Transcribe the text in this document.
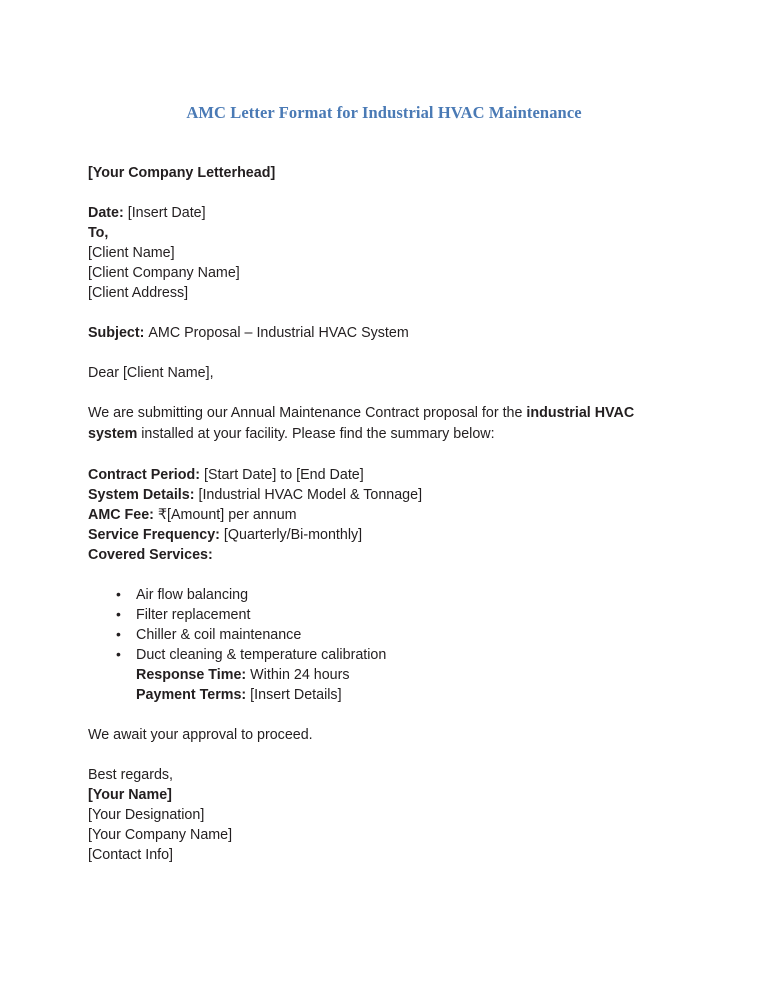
AMC Letter Format for Industrial HVAC Maintenance
[Your Company Letterhead]
Date: [Insert Date]
To,
[Client Name]
[Client Company Name]
[Client Address]
Subject: AMC Proposal – Industrial HVAC System
Dear [Client Name],
We are submitting our Annual Maintenance Contract proposal for the industrial HVAC system installed at your facility. Please find the summary below:
Contract Period: [Start Date] to [End Date]
System Details: [Industrial HVAC Model & Tonnage]
AMC Fee: ₹[Amount] per annum
Service Frequency: [Quarterly/Bi-monthly]
Covered Services:
• Air flow balancing
• Filter replacement
• Chiller & coil maintenance
• Duct cleaning & temperature calibration
Response Time: Within 24 hours
Payment Terms: [Insert Details]
We await your approval to proceed.
Best regards,
[Your Name]
[Your Designation]
[Your Company Name]
[Contact Info]
